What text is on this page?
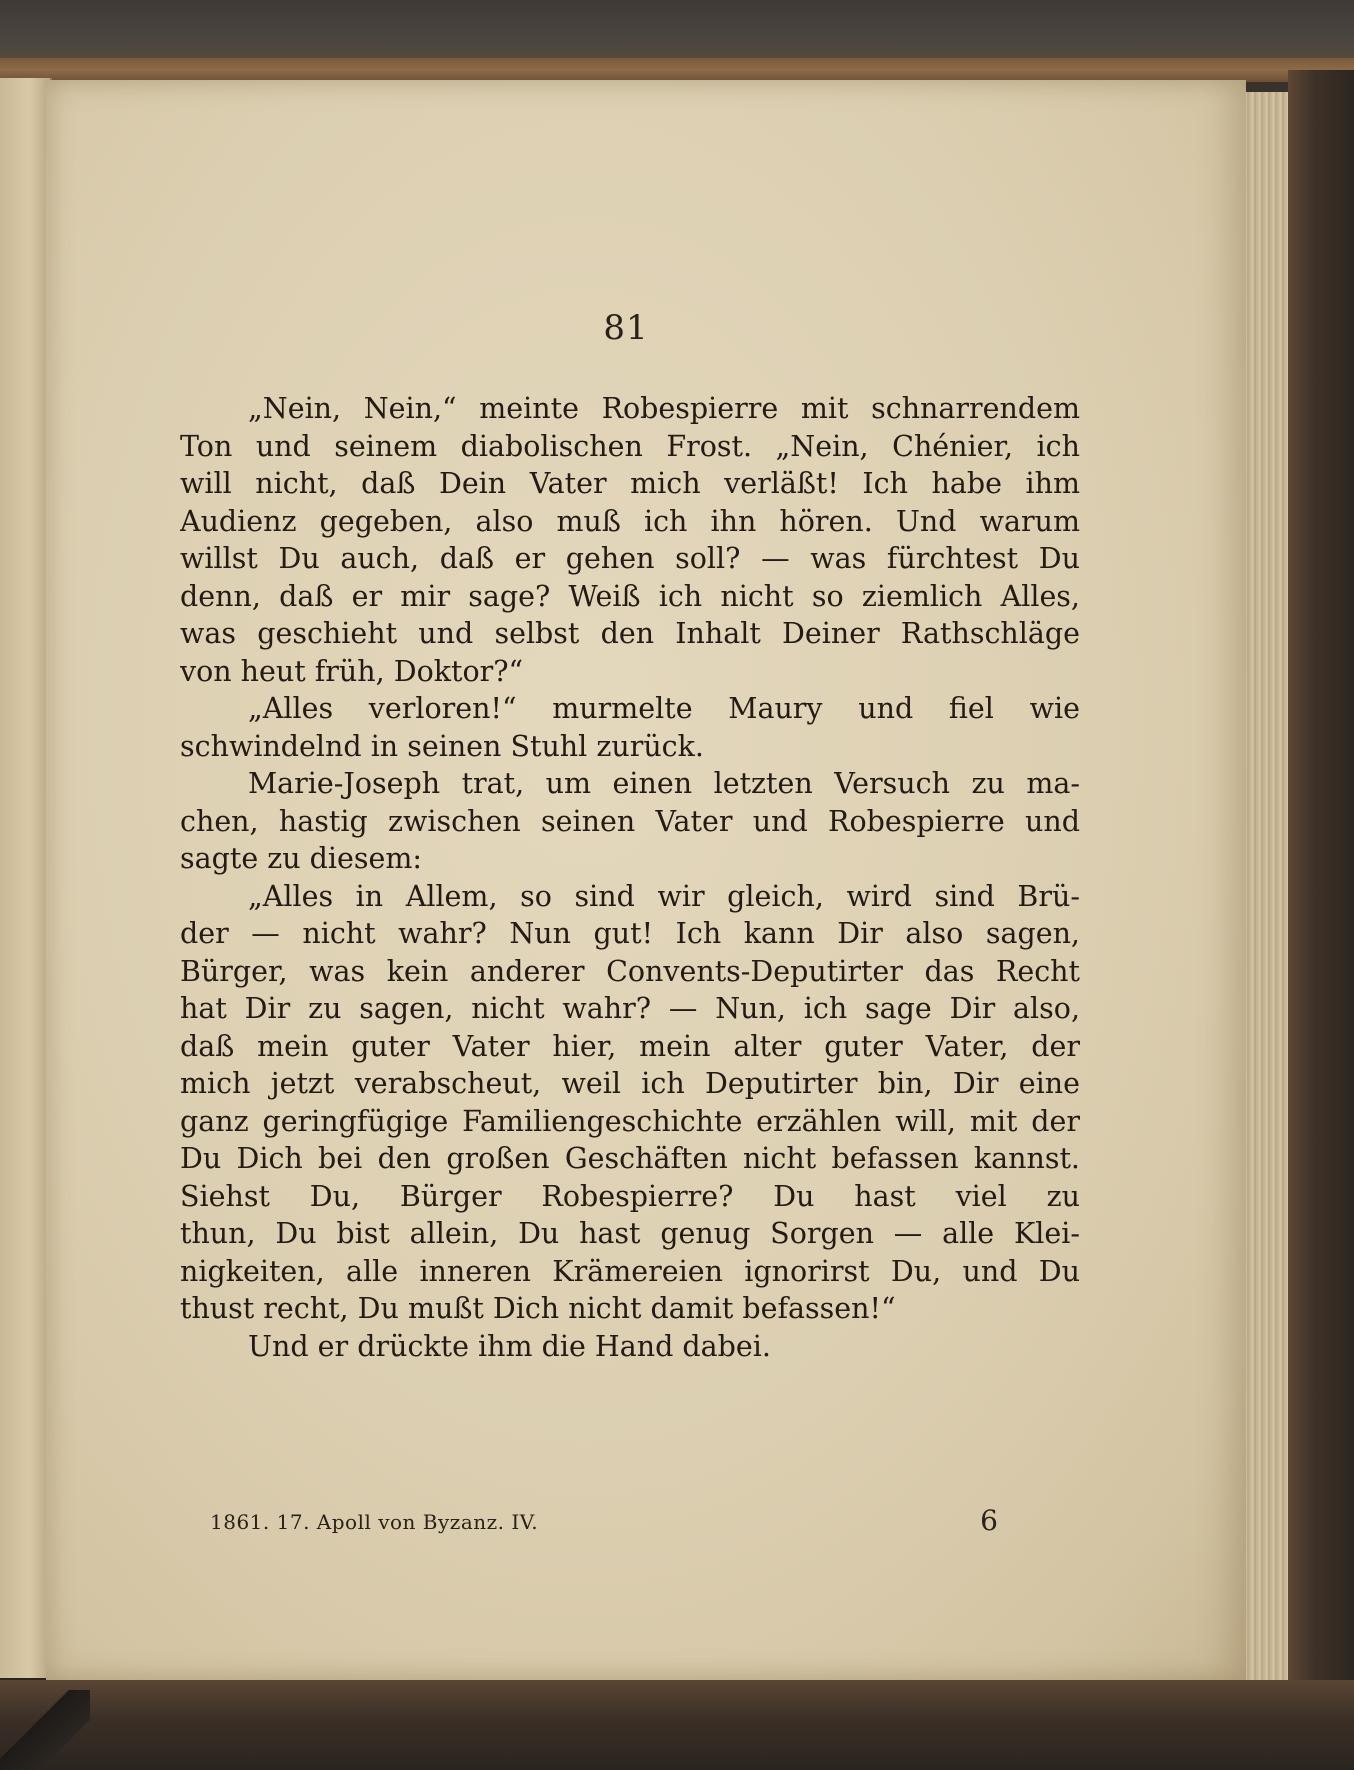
81
„Nein, Nein,“ meinte Robespierre mit schnarrendem
Ton und seinem diabolischen Frost. „Nein, Chénier, ich
will nicht, daß Dein Vater mich verläßt! Ich habe ihm
Audienz gegeben, also muß ich ihn hören. Und warum
willst Du auch, daß er gehen soll? — was fürchtest Du
denn, daß er mir sage? Weiß ich nicht so ziemlich Alles,
was geschieht und selbst den Inhalt Deiner Rathschläge
von heut früh, Doktor?“
„Alles verloren!“ murmelte Maury und fiel wie
schwindelnd in seinen Stuhl zurück.
Marie-Joseph trat, um einen letzten Versuch zu ma-
chen, hastig zwischen seinen Vater und Robespierre und
sagte zu diesem:
„Alles in Allem, so sind wir gleich, wird sind Brü-
der — nicht wahr? Nun gut! Ich kann Dir also sagen,
Bürger, was kein anderer Convents-Deputirter das Recht
hat Dir zu sagen, nicht wahr? — Nun, ich sage Dir also,
daß mein guter Vater hier, mein alter guter Vater, der
mich jetzt verabscheut, weil ich Deputirter bin, Dir eine
ganz geringfügige Familiengeschichte erzählen will, mit der
Du Dich bei den großen Geschäften nicht befassen kannst.
Siehst Du, Bürger Robespierre? Du hast viel zu
thun, Du bist allein, Du hast genug Sorgen — alle Klei-
nigkeiten, alle inneren Krämereien ignorirst Du, und Du
thust recht, Du mußt Dich nicht damit befassen!“
Und er drückte ihm die Hand dabei.
1861. 17. Apoll von Byzanz. IV.	6
